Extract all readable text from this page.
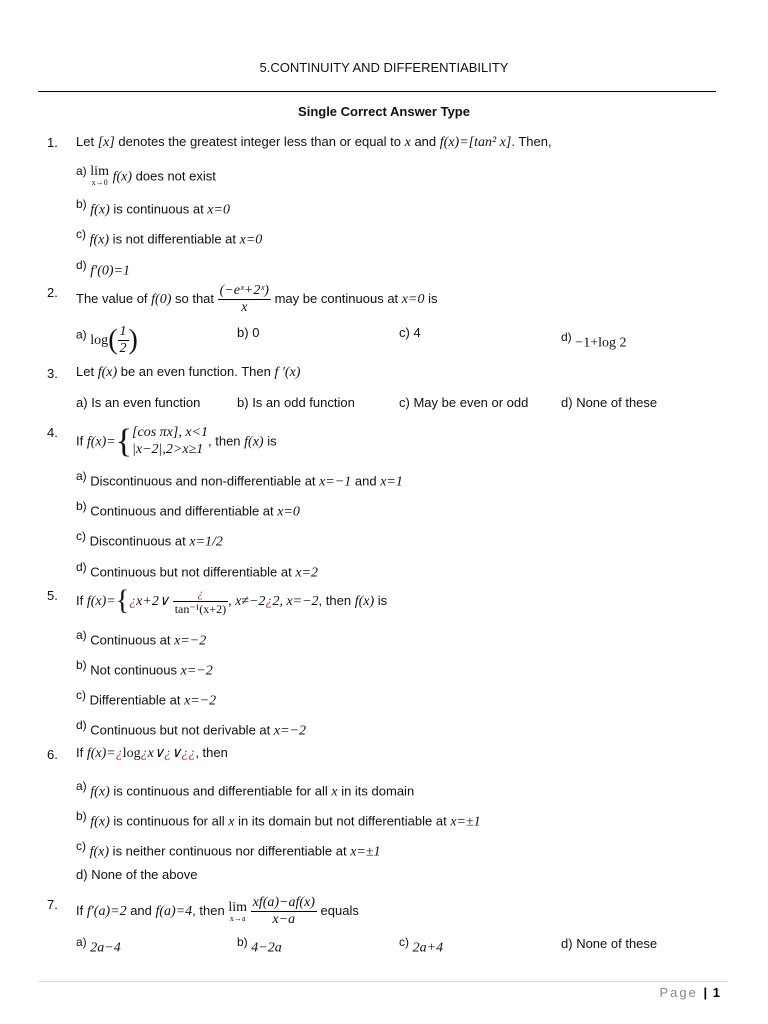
5.CONTINUITY AND DIFFERENTIABILITY
Single Correct Answer Type
1. Let [x] denotes the greatest integer less than or equal to x and f(x)=[tan² x]. Then,
a) lim
x→0 f(x) does not exist
b) f(x) is continuous at x=0
c) f(x) is not differentiable at x=0
d) f′(0)=1
2. The value of f(0) so that $\frac{\text{(−eˣ+2ˣ)}}{x}$ may be continuous at x=0 is
a) $\log( \frac{1}{2}$ )	b) 0	c) 4	d) −1+log 2
3. Let f(x) be an even function. Then f ′(x)
a) Is an even function	b) Is an odd function	c) May be even or odd	d) None of these
4.
If f(x)={ [cos πx], x<1
|x−2|,2>x≥1
, then f(x) is
a) Discontinuous and non-differentiable at x=−1 and x=1
b) Continuous and differentiable at x=0
c) Discontinuous at x=1/2
d) Continuous but not differentiable at x=2
5. If f(x)={¿x+2∨ $\frac{¿}{\text{tan⁻¹(x+2)}}$ , x≠−2¿2, x=−2, then f(x) is
a) Continuous at x=−2
b) Not continuous x=−2
c) Differentiable at x=−2
d) Continuous but not derivable at x=−2
6. If f(x)=¿log¿x∨¿∨¿¿, then
a) f(x) is continuous and differentiable for all x in its domain
b) f(x) is continuous for all x in its domain but not differentiable at x=±1
c) f(x) is neither continuous nor differentiable at x=±1
d) None of the above
7. If f′(a)=2 and f(a)=4, then lim
x→a
$\frac{xf(a)-af(x)}{x-a}$ equals
a) 2a−4	b) 4−2a	c) 2a+4	d) None of these
Page | 1
